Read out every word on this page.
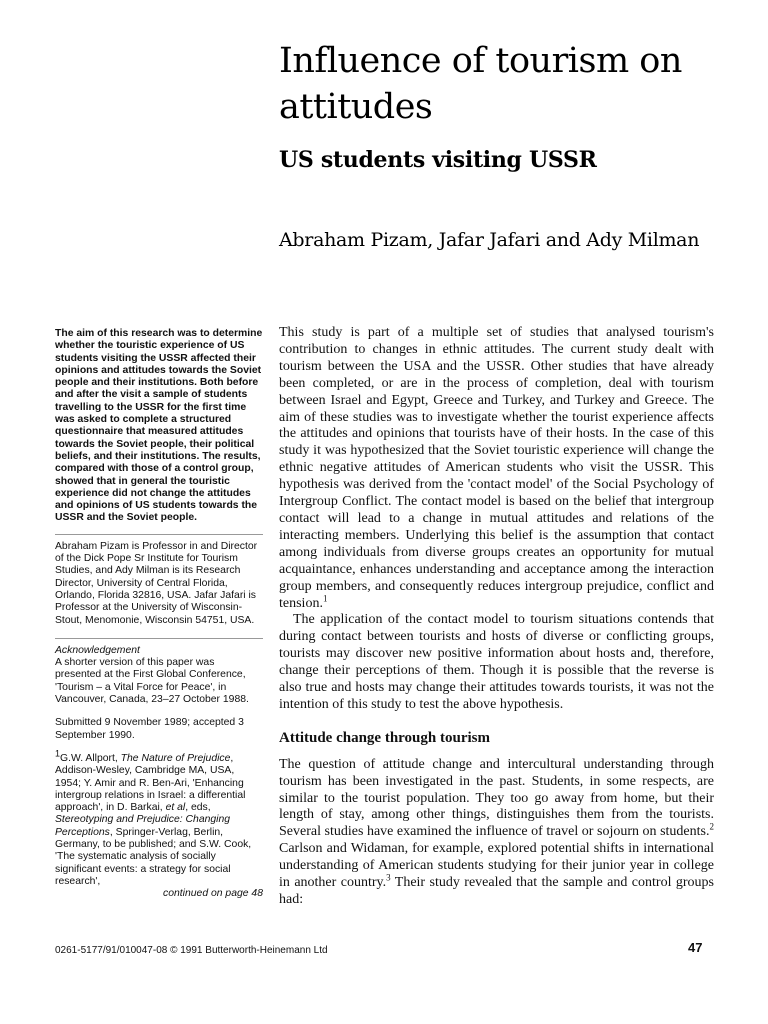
Influence of tourism on attitudes
US students visiting USSR
Abraham Pizam, Jafar Jafari and Ady Milman

The aim of this research was to determine whether the touristic experience of US students visiting the USSR affected their opinions and attitudes towards the Soviet people and their institutions. Both before and after the visit a sample of students travelling to the USSR for the first time was asked to complete a structured questionnaire that measured attitudes towards the Soviet people, their political beliefs, and their institutions. The results, compared with those of a control group, showed that in general the touristic experience did not change the attitudes and opinions of US students towards the USSR and the Soviet people.

Abraham Pizam is Professor in and Director of the Dick Pope Sr Institute for Tourism Studies, and Ady Milman is its Research Director, University of Central Florida, Orlando, Florida 32816, USA. Jafar Jafari is Professor at the University of Wisconsin-Stout, Menomonie, Wisconsin 54751, USA.

Acknowledgement

A shorter version of this paper was presented at the First Global Conference, 'Tourism – a Vital Force for Peace', in Vancouver, Canada, 23–27 October 1988.

Submitted 9 November 1989; accepted 3 September 1990.

$^1$G.W. Allport, The Nature of Prejudice, Addison-Wesley, Cambridge MA, USA, 1954; Y. Amir and R. Ben-Ari, 'Enhancing intergroup relations in Israel: a differential approach', in D. Barkai, et al, eds, Stereotyping and Prejudice: Changing Perceptions, Springer-Verlag, Berlin, Germany, to be published; and S.W. Cook, 'The systematic analysis of socially significant events: a strategy for social research',

continued on page 48

This study is part of a multiple set of studies that analysed tourism's contribution to changes in ethnic attitudes. The current study dealt with tourism between the USA and the USSR. Other studies that have already been completed, or are in the process of completion, deal with tourism between Israel and Egypt, Greece and Turkey, and Turkey and Greece. The aim of these studies was to investigate whether the tourist experience affects the attitudes and opinions that tourists have of their hosts. In the case of this study it was hypothesized that the Soviet touristic experience will change the ethnic negative attitudes of American students who visit the USSR. This hypothesis was derived from the 'contact model' of the Social Psychology of Intergroup Conflict. The contact model is based on the belief that intergroup contact will lead to a change in mutual attitudes and relations of the interacting members. Underlying this belief is the assumption that contact among individuals from diverse groups creates an opportunity for mutual acquaintance, enhances understanding and acceptance among the interaction group members, and consequently reduces intergroup prejudice, conflict and tension.$^1$

The application of the contact model to tourism situations contends that during contact between tourists and hosts of diverse or conflicting groups, tourists may discover new positive information about hosts and, therefore, change their perceptions of them. Though it is possible that the reverse is also true and hosts may change their attitudes towards tourists, it was not the intention of this study to test the above hypothesis.

Attitude change through tourism

The question of attitude change and intercultural understanding through tourism has been investigated in the past. Students, in some respects, are similar to the tourist population. They too go away from home, but their length of stay, among other things, distinguishes them from the tourists. Several studies have examined the influence of travel or sojourn on students.$^2$ Carlson and Widaman, for example, explored potential shifts in international understanding of American students studying for their junior year in college in another country.$^3$ Their study revealed that the sample and control groups had:

0261-5177/91/010047-08 © 1991 Butterworth-Heinemann Ltd	47
